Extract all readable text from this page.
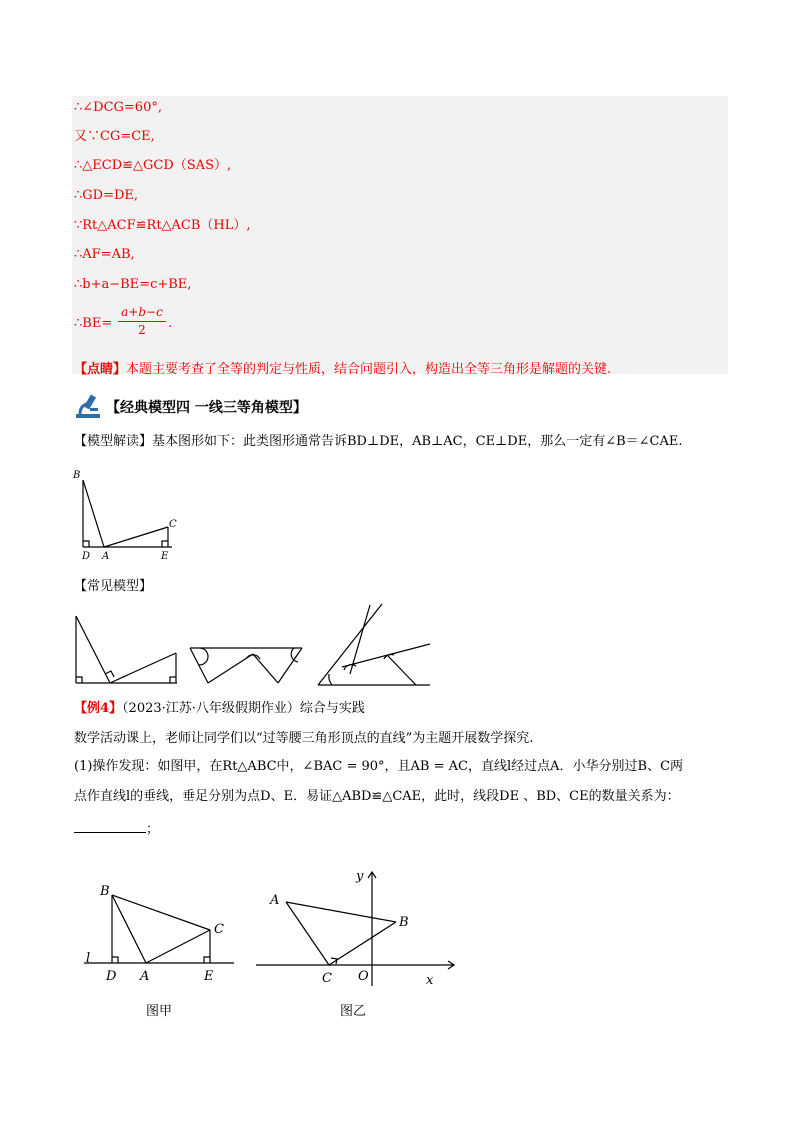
∴∠DCG=60°,
又∵CG=CE,
∴△ECD≌△GCD（SAS）,
∴GD=DE,
∵Rt△ACF≌Rt△ACB（HL）,
∴AF=AB,
∴b+a−BE=c+BE,
∴BE=
a+b−c
2	.
【点睛】本题主要考查了全等的判定与性质，结合问题引入，构造出全等三角形是解题的关键.
【经典模型四 一线三等角模型】
【模型解读】基本图形如下：此类图形通常告诉BD⊥DE，AB⊥AC，CE⊥DE，那么一定有∠B＝∠CAE.
B
C
D A	E
【常见模型】
【例4】（2023·江苏·八年级假期作业）综合与实践
数学活动课上，老师让同学们以“过等腰三角形顶点的直线”为主题开展数学探究.
(1)操作发现：如图甲，在Rt△ABC中，∠BAC = 90°，且AB = AC，直线l经过点A．小华分别过B、C两
点作直线l的垂线，垂足分别为点D、E．易证△ABD≌△CAE，此时，线段DE 、BD、CE的数量关系为：
；
B
C
l
D A	E
图甲
y
A
B
C O	x
图乙
